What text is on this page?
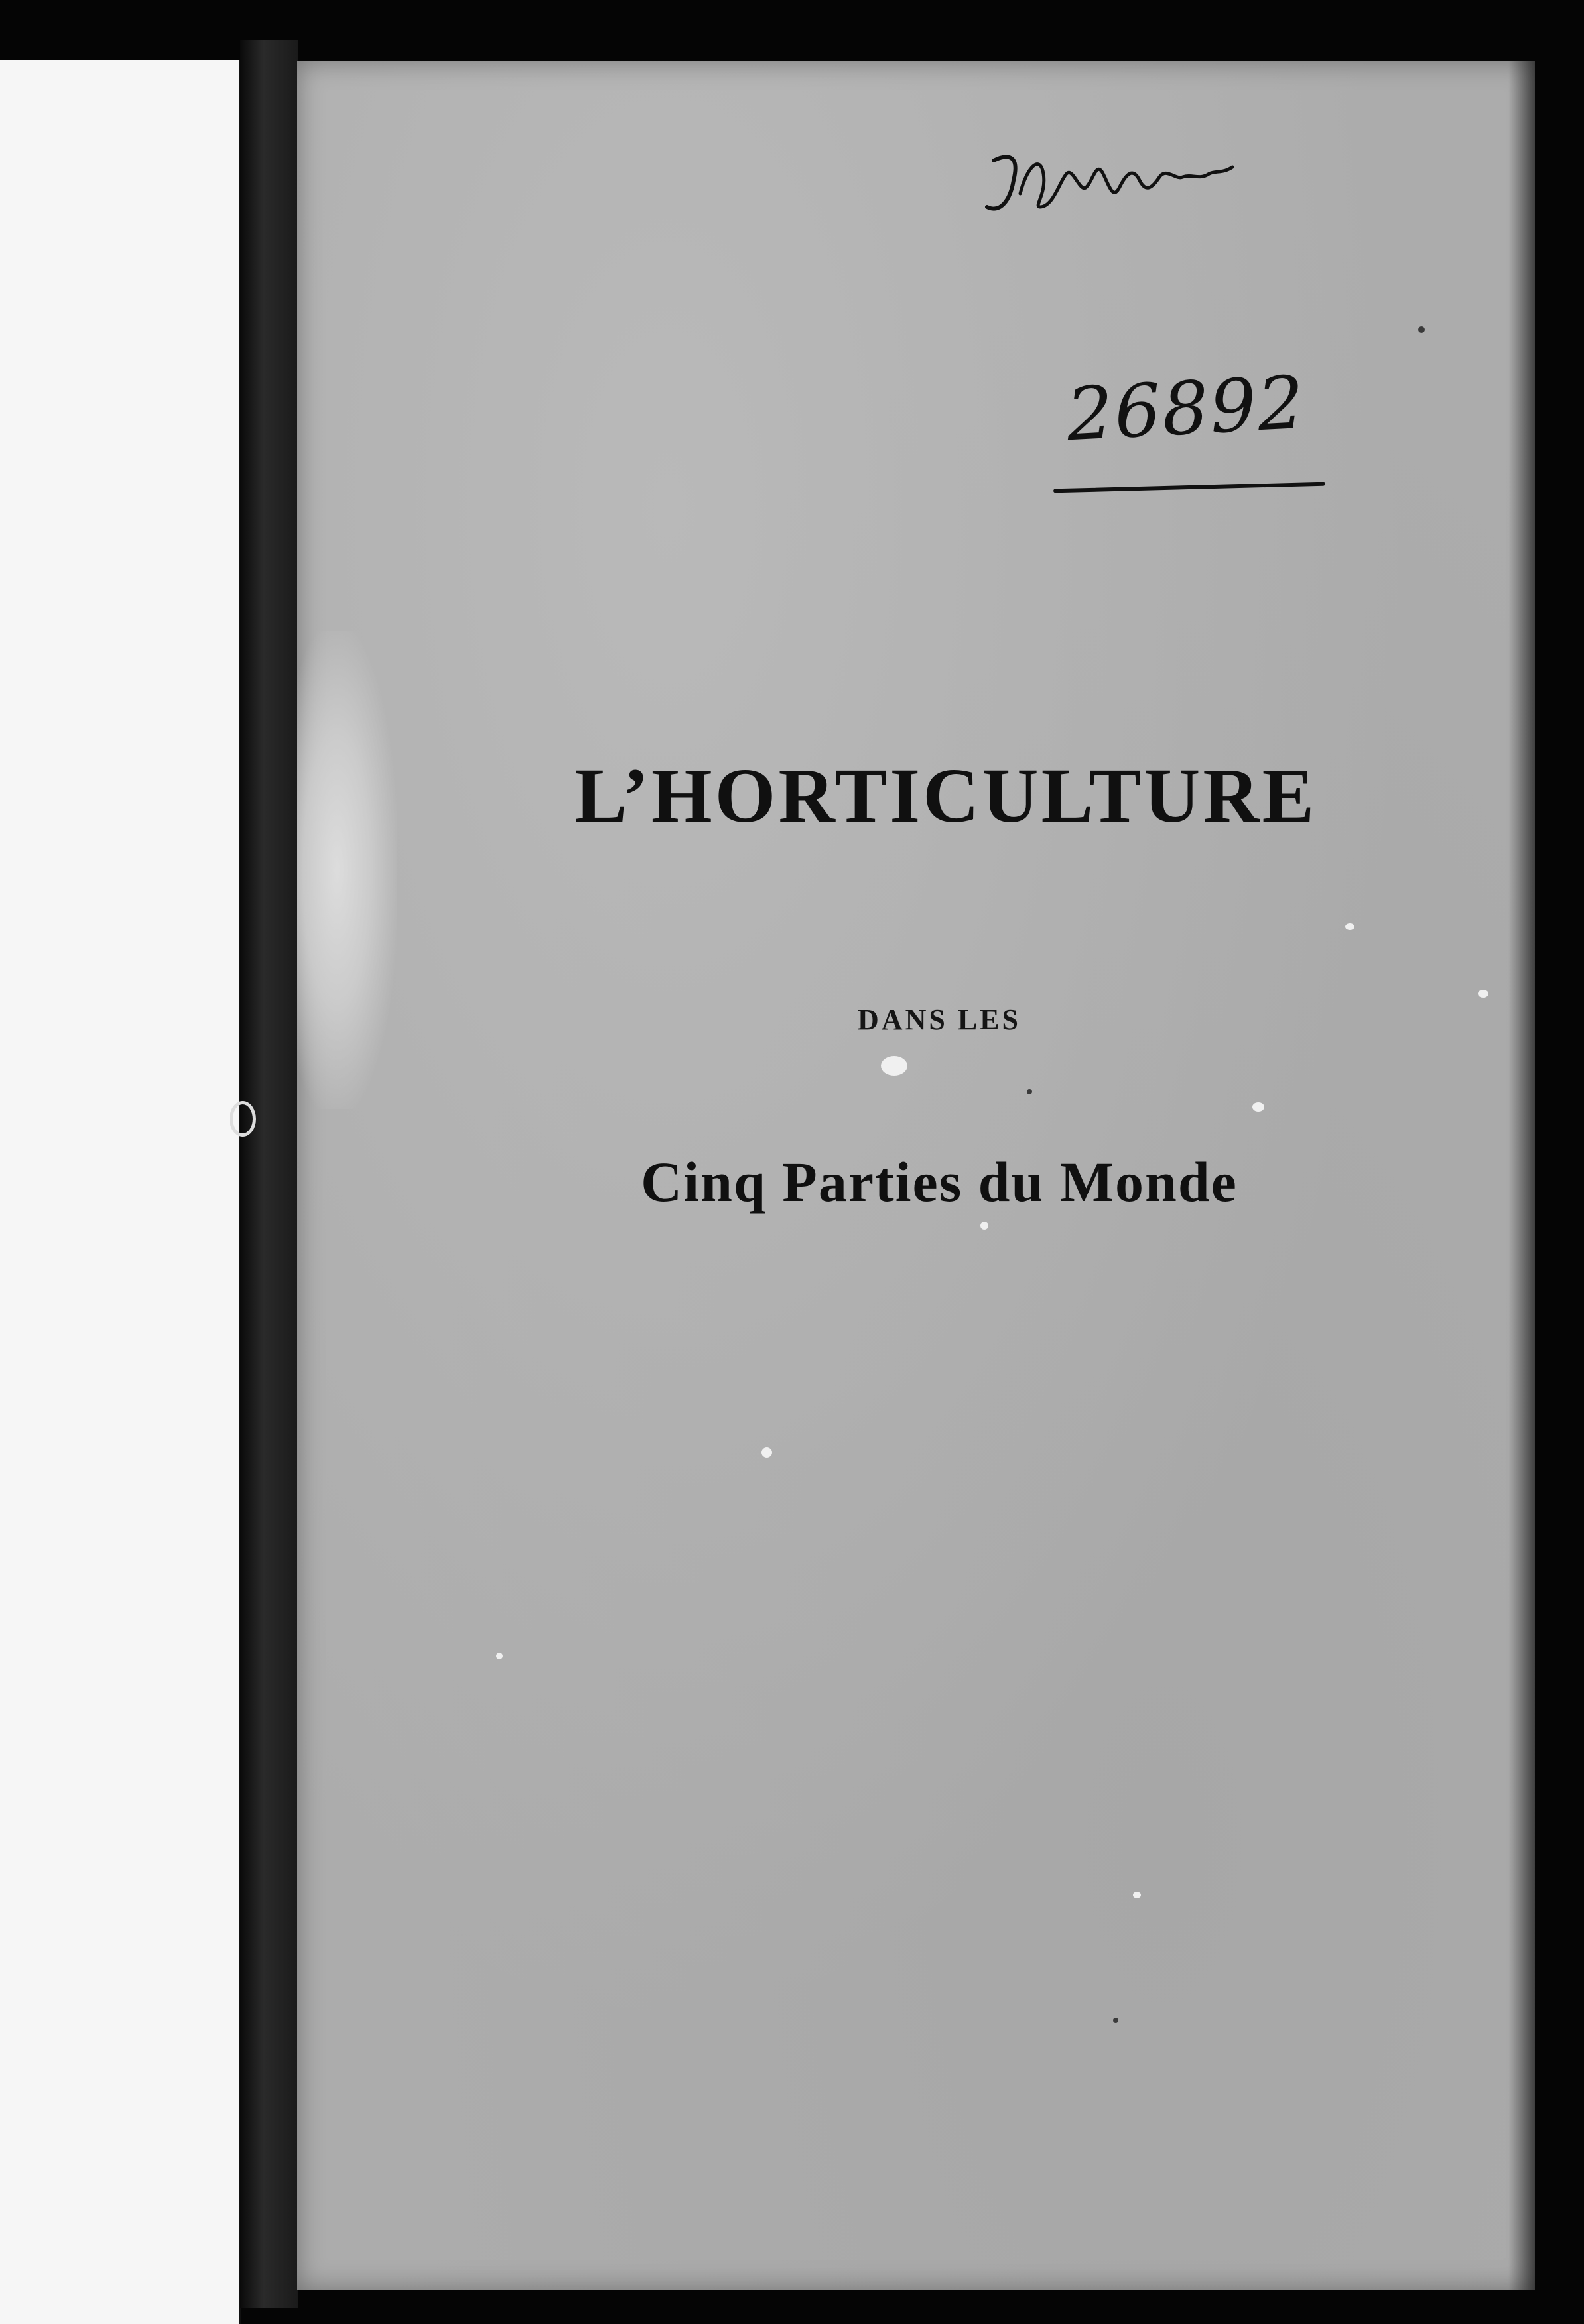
26892
L’HORTICULTURE
DANS LES
Cinq Parties du Monde
